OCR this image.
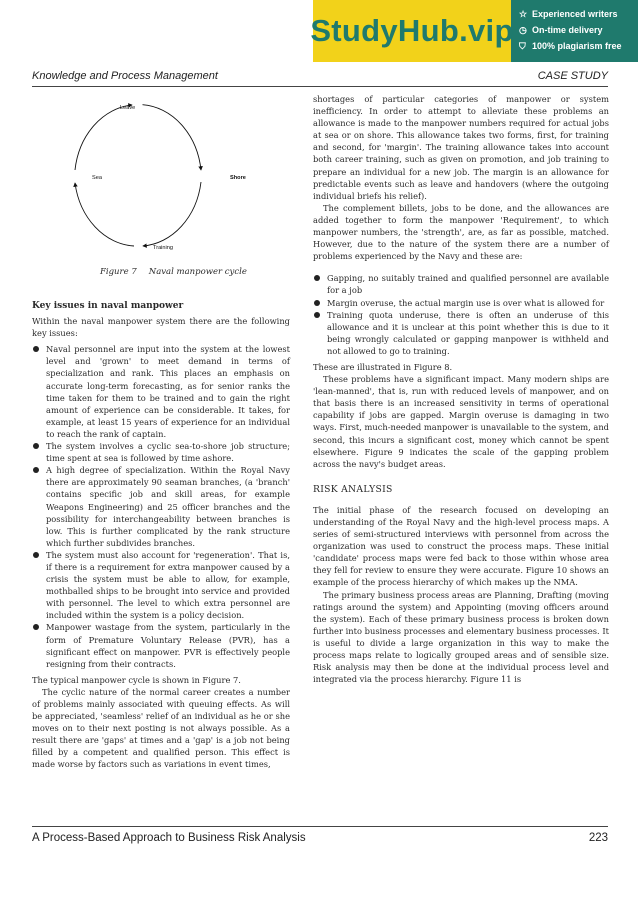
StudyHub.vip ☆ Experienced writers
◷ On-time delivery
⛉ 100% plagiarism free
Knowledge and Process Management	CASE STUDY
Leave
Sea	Shore
Training
Figure 7 Naval manpower cycle
Key issues in naval manpower

Within the naval manpower system there are the following key issues:

Naval personnel are input into the system at the lowest level and 'grown' to meet demand in terms of specialization and rank. This places an emphasis on accurate long-term forecasting, as for senior ranks the time taken for them to be trained and to gain the right amount of experience can be considerable. It takes, for example, at least 15 years of experience for an individual to reach the rank of captain.
The system involves a cyclic sea-to-shore job structure; time spent at sea is followed by time ashore.
A high degree of specialization. Within the Royal Navy there are approximately 90 seaman branches, (a 'branch' contains specific job and skill areas, for example Weapons Engineering) and 25 officer branches and the possibility for interchangeability between branches is low. This is further complicated by the rank structure which further subdivides branches.
The system must also account for 'regeneration'. That is, if there is a requirement for extra manpower caused by a crisis the system must be able to allow, for example, mothballed ships to be brought into service and provided with personnel. The level to which extra personnel are included within the system is a policy decision.
Manpower wastage from the system, particularly in the form of Premature Voluntary Release (PVR), has a significant effect on manpower. PVR is effectively people resigning from their contracts.

The typical manpower cycle is shown in Figure 7.

The cyclic nature of the normal career creates a number of problems mainly associated with queuing effects. As will be appreciated, 'seamless' relief of an individual as he or she moves on to their next posting is not always possible. As a result there are 'gaps' at times and a 'gap' is a job not being filled by a competent and qualified person. This effect is made worse by factors such as variations in event times,

shortages of particular categories of manpower or system inefficiency. In order to attempt to alleviate these problems an allowance is made to the manpower numbers required for actual jobs at sea or on shore. This allowance takes two forms, first, for training and second, for 'margin'. The training allowance takes into account both career training, such as given on promotion, and job training to prepare an individual for a new job. The margin is an allowance for predictable events such as leave and handovers (where the outgoing individual briefs his relief).

The complement billets, jobs to be done, and the allowances are added together to form the manpower 'Requirement', to which manpower numbers, the 'strength', are, as far as possible, matched. However, due to the nature of the system there are a number of problems experienced by the Navy and these are:

Gapping, no suitably trained and qualified personnel are available for a job
Margin overuse, the actual margin use is over what is allowed for
Training quota underuse, there is often an underuse of this allowance and it is unclear at this point whether this is due to it being wrongly calculated or gapping manpower is withheld and not allowed to go to training.

These are illustrated in Figure 8.

These problems have a significant impact. Many modern ships are 'lean-manned', that is, run with reduced levels of manpower, and on that basis there is an increased sensitivity in terms of operational capability if jobs are gapped. Margin overuse is damaging in two ways. First, much-needed manpower is unavailable to the system, and second, this incurs a significant cost, money which cannot be spent elsewhere. Figure 9 indicates the scale of the gapping problem across the navy's budget areas.

RISK ANALYSIS

The initial phase of the research focused on developing an understanding of the Royal Navy and the high-level process maps. A series of semi-structured interviews with personnel from across the organization was used to construct the process maps. These initial 'candidate' process maps were fed back to those within whose area they fell for review to ensure they were accurate. Figure 10 shows an example of the process hierarchy of which makes up the NMA.

The primary business process areas are Planning, Drafting (moving ratings around the system) and Appointing (moving officers around the system). Each of these primary business process is broken down further into business processes and elementary business processes. It is useful to divide a large organization in this way to make the process maps relate to logically grouped areas and of sensible size. Risk analysis may then be done at the individual process level and integrated via the process hierarchy. Figure 11 is

A Process-Based Approach to Business Risk Analysis	223
